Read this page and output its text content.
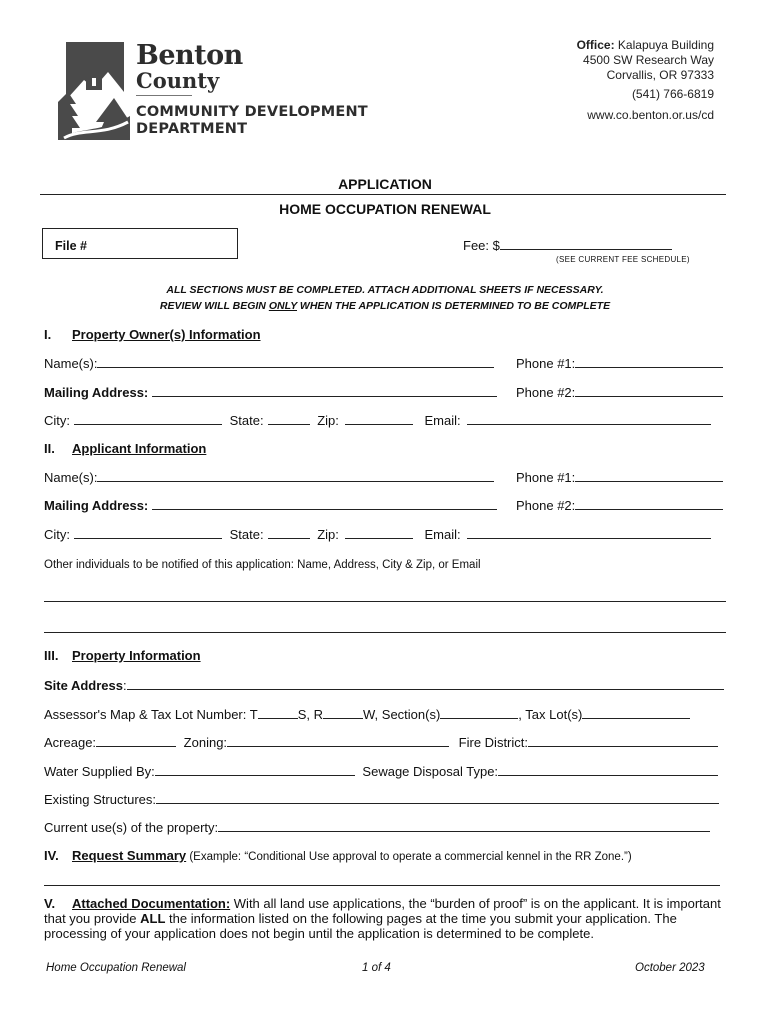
Benton
County
COMMUNITY DEVELOPMENT
DEPARTMENT
Office: Kalapuya Building
4500 SW Research Way
Corvallis, OR 97333
(541) 766-6819
www.co.benton.or.us/cd
APPLICATION
HOME OCCUPATION RENEWAL
File #	Fee: $
(SEE CURRENT FEE SCHEDULE)
ALL SECTIONS MUST BE COMPLETED. ATTACH ADDITIONAL SHEETS IF NECESSARY.
REVIEW WILL BEGIN ONLY WHEN THE APPLICATION IS DETERMINED TO BE COMPLETE
I. Property Owner(s) Information
Name(s):	Phone #1:
Mailing Address:	Phone #2:
City:	State:	Zip:	Email:
II. Applicant Information
Name(s):	Phone #1:
Mailing Address:	Phone #2:
City:	State:	Zip:	Email:
Other individuals to be notified of this application: Name, Address, City & Zip, or Email
III. Property Information
Site Address:
Assessor's Map & Tax Lot Number: T	S, R	W, Section(s)	, Tax Lot(s)
Acreage:	Zoning:	Fire District:
Water Supplied By:	Sewage Disposal Type:
Existing Structures:
Current use(s) of the property:
IV. Request Summary (Example: “Conditional Use approval to operate a commercial kennel in the RR Zone.”)
V. Attached Documentation: With all land use applications, the “burden of proof” is on the applicant. It is important that you provide ALL the information listed on the following pages at the time you submit your application. The processing of your application does not begin until the application is determined to be complete.
Home Occupation Renewal	1 of 4	October 2023
